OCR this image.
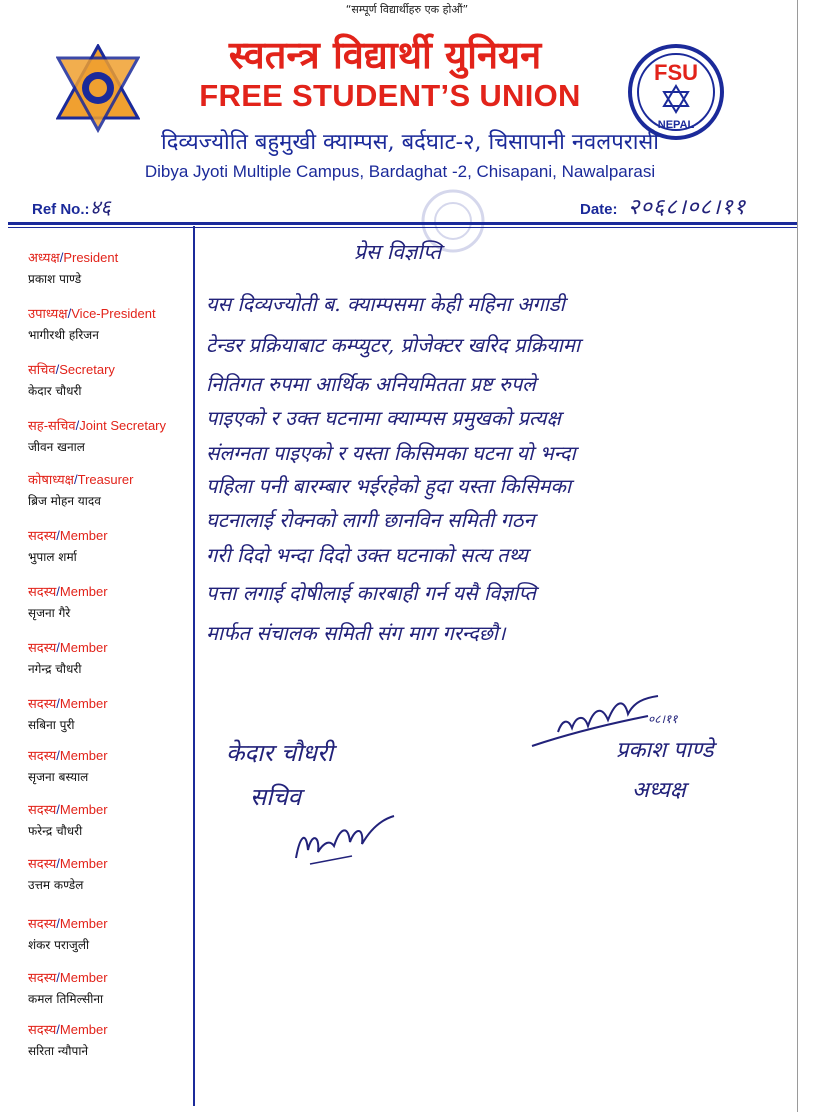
“सम्पूर्ण विद्यार्थीहरु एक होऔं”
स्वतन्त्र विद्यार्थी युनियन
FREE STUDENT’S UNION
FSU
NEPAL
दिव्यज्योति बहुमुखी क्याम्पस, बर्दघाट-२, चिसापानी नवलपरासी
Dibya Jyoti Multiple Campus, Bardaghat -2, Chisapani, Nawalparasi
Ref No.: ४६	Date: २०६८।०८।११
अध्यक्ष/President
प्रकाश पाण्डे
उपाध्यक्ष/Vice-President
भागीरथी हरिजन
सचिव/Secretary
केदार चौधरी
सह-सचिव/Joint Secretary
जीवन खनाल
कोषाध्यक्ष/Treasurer
ब्रिज मोहन यादव
सदस्य/Member
भुपाल शर्मा
सदस्य/Member
सृजना गैरे
सदस्य/Member
नगेन्द्र चौधरी
सदस्य/Member
सबिना पुरी
सदस्य/Member
सृजना बस्याल
सदस्य/Member
फरेन्द्र चौधरी
सदस्य/Member
उत्तम कण्डेल
सदस्य/Member
शंकर पराजुली
सदस्य/Member
कमल तिमिल्सीना
सदस्य/Member
सरिता न्यौपाने
प्रेस विज्ञप्ति
यस दिव्यज्योती ब. क्याम्पसमा केही महिना अगाडी
टेन्डर प्रक्रियाबाट कम्प्युटर, प्रोजेक्टर खरिद प्रक्रियामा
नितिगत रुपमा आर्थिक अनियमितता प्रष्ट रुपले
पाइएको र उक्त घटनामा क्याम्पस प्रमुखको प्रत्यक्ष
संलग्नता पाइएको र यस्ता किसिमका घटना यो भन्दा
पहिला पनी बारम्बार भईरहेको हुदा यस्ता किसिमका
घटनालाई रोक्नको लागी छानविन समिती गठन
गरी दिदो भन्दा दिदो उक्त घटनाको सत्य तथ्य
पत्ता लगाई दोषीलाई कारबाही गर्न यसै विज्ञप्ति
मार्फत संचालक समिती संग माग गरन्दछौ।
केदार चौधरी
सचिव
०८।११
प्रकाश पाण्डे
अध्यक्ष
